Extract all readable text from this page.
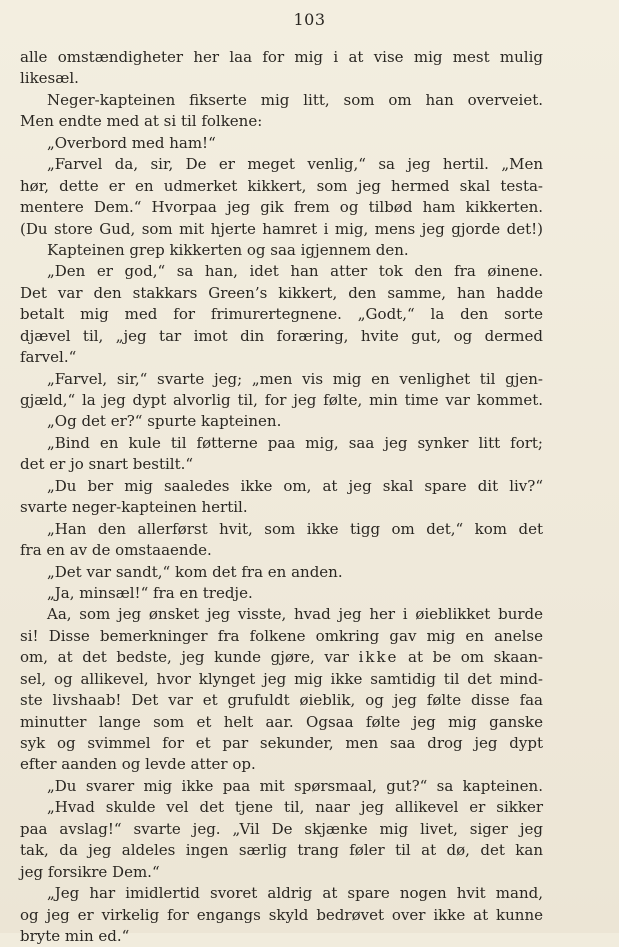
103
alle omstændigheter her laa for mig i at vise mig mest mulig
likesæl.
Neger-kapteinen fikserte mig litt, som om han overveiet.
Men endte med at si til folkene:
„Overbord med ham!“
„Farvel da, sir, De er meget venlig,“ sa jeg hertil. „Men
hør, dette er en udmerket kikkert, som jeg hermed skal testa-
mentere Dem.“ Hvorpaa jeg gik frem og tilbød ham kikkerten.
(Du store Gud, som mit hjerte hamret i mig, mens jeg gjorde det!)
Kapteinen grep kikkerten og saa igjennem den.
„Den er god,“ sa han, idet han atter tok den fra øinene.
Det var den stakkars Green’s kikkert, den samme, han hadde
betalt mig med for frimurertegnene. „Godt,“ la den sorte
djævel til, „jeg tar imot din foræring, hvite gut, og dermed
farvel.“
„Farvel, sir,“ svarte jeg; „men vis mig en venlighet til gjen-
gjæld,“ la jeg dypt alvorlig til, for jeg følte, min time var kommet.
„Og det er?“ spurte kapteinen.
„Bind en kule til føtterne paa mig, saa jeg synker litt fort;
det er jo snart bestilt.“
„Du ber mig saaledes ikke om, at jeg skal spare dit liv?“
svarte neger-kapteinen hertil.
„Han den allerførst hvit, som ikke tigg om det,“ kom det
fra en av de omstaaende.
„Det var sandt,“ kom det fra en anden.
„Ja, minsæl!“ fra en tredje.
Aa, som jeg ønsket jeg visste, hvad jeg her i øieblikket burde
si! Disse bemerkninger fra folkene omkring gav mig en anelse
om, at det bedste, jeg kunde gjøre, var ikke at be om skaan-
sel, og allikevel, hvor klynget jeg mig ikke samtidig til det mind-
ste livshaab! Det var et grufuldt øieblik, og jeg følte disse faa
minutter lange som et helt aar. Ogsaa følte jeg mig ganske
syk og svimmel for et par sekunder, men saa drog jeg dypt
efter aanden og levde atter op.
„Du svarer mig ikke paa mit spørsmaal, gut?“ sa kapteinen.
„Hvad skulde vel det tjene til, naar jeg allikevel er sikker
paa avslag!“ svarte jeg. „Vil De skjænke mig livet, siger jeg
tak, da jeg aldeles ingen særlig trang føler til at dø, det kan
jeg forsikre Dem.“
„Jeg har imidlertid svoret aldrig at spare nogen hvit mand,
og jeg er virkelig for engangs skyld bedrøvet over ikke at kunne
bryte min ed.“
